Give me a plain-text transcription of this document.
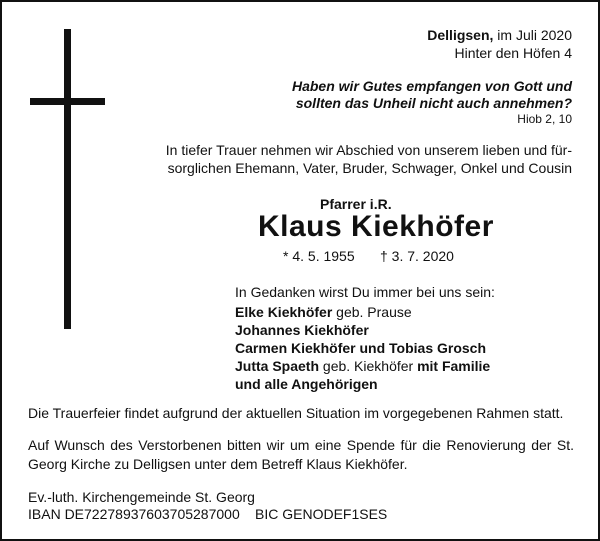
Delligsen, im Juli 2020
Hinter den Höfen 4
Haben wir Gutes empfangen von Gott und
sollten das Unheil nicht auch annehmen?
Hiob 2, 10
In tiefer Trauer nehmen wir Abschied von unserem lieben und für-
sorglichen Ehemann, Vater, Bruder, Schwager, Onkel und Cousin
Pfarrer i.R.
Klaus Kiekhöfer
* 4. 5. 1955 † 3. 7. 2020
In Gedanken wirst Du immer bei uns sein:
Elke Kiekhöfer geb. Prause
Johannes Kiekhöfer
Carmen Kiekhöfer und Tobias Grosch
Jutta Spaeth geb. Kiekhöfer mit Familie
und alle Angehörigen
Die Trauerfeier findet aufgrund der aktuellen Situation im vorgegebenen Rahmen statt.
Auf Wunsch des Verstorbenen bitten wir um eine Spende für die Renovierung der St. Georg Kirche zu Delligsen unter dem Betreff Klaus Kiekhöfer.
Ev.-luth. Kirchengemeinde St. Georg
IBAN DE72278937603705287000 BIC GENODEF1SES
